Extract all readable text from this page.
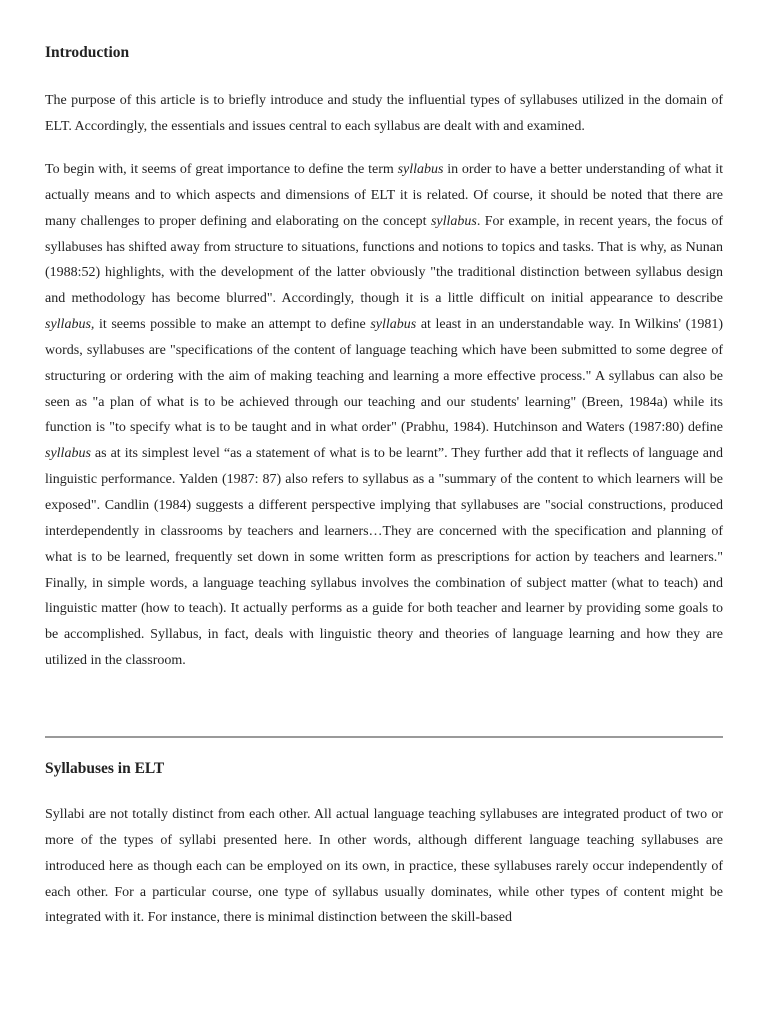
Introduction

The purpose of this article is to briefly introduce and study the influential types of syllabuses utilized in the domain of ELT. Accordingly, the essentials and issues central to each syllabus are dealt with and examined.

To begin with, it seems of great importance to define the term syllabus in order to have a better understanding of what it actually means and to which aspects and dimensions of ELT it is related. Of course, it should be noted that there are many challenges to proper defining and elaborating on the concept syllabus. For example, in recent years, the focus of syllabuses has shifted away from structure to situations, functions and notions to topics and tasks. That is why, as Nunan (1988:52) highlights, with the development of the latter obviously "the traditional distinction between syllabus design and methodology has become blurred". Accordingly, though it is a little difficult on initial appearance to describe syllabus, it seems possible to make an attempt to define syllabus at least in an understandable way. In Wilkins' (1981) words, syllabuses are "specifications of the content of language teaching which have been submitted to some degree of structuring or ordering with the aim of making teaching and learning a more effective process." A syllabus can also be seen as "a plan of what is to be achieved through our teaching and our students' learning" (Breen, 1984a) while its function is "to specify what is to be taught and in what order" (Prabhu, 1984). Hutchinson and Waters (1987:80) define syllabus as at its simplest level “as a statement of what is to be learnt”. They further add that it reflects of language and linguistic performance. Yalden (1987: 87) also refers to syllabus as a "summary of the content to which learners will be exposed". Candlin (1984) suggests a different perspective implying that syllabuses are "social constructions, produced interdependently in classrooms by teachers and learners…They are concerned with the specification and planning of what is to be learned, frequently set down in some written form as prescriptions for action by teachers and learners." Finally, in simple words, a language teaching syllabus involves the combination of subject matter (what to teach) and linguistic matter (how to teach). It actually performs as a guide for both teacher and learner by providing some goals to be accomplished. Syllabus, in fact, deals with linguistic theory and theories of language learning and how they are utilized in the classroom.

Syllabuses in ELT

Syllabi are not totally distinct from each other. All actual language teaching syllabuses are integrated product of two or more of the types of syllabi presented here. In other words, although different language teaching syllabuses are introduced here as though each can be employed on its own, in practice, these syllabuses rarely occur independently of each other. For a particular course, one type of syllabus usually dominates, while other types of content might be integrated with it. For instance, there is minimal distinction between the skill-based
